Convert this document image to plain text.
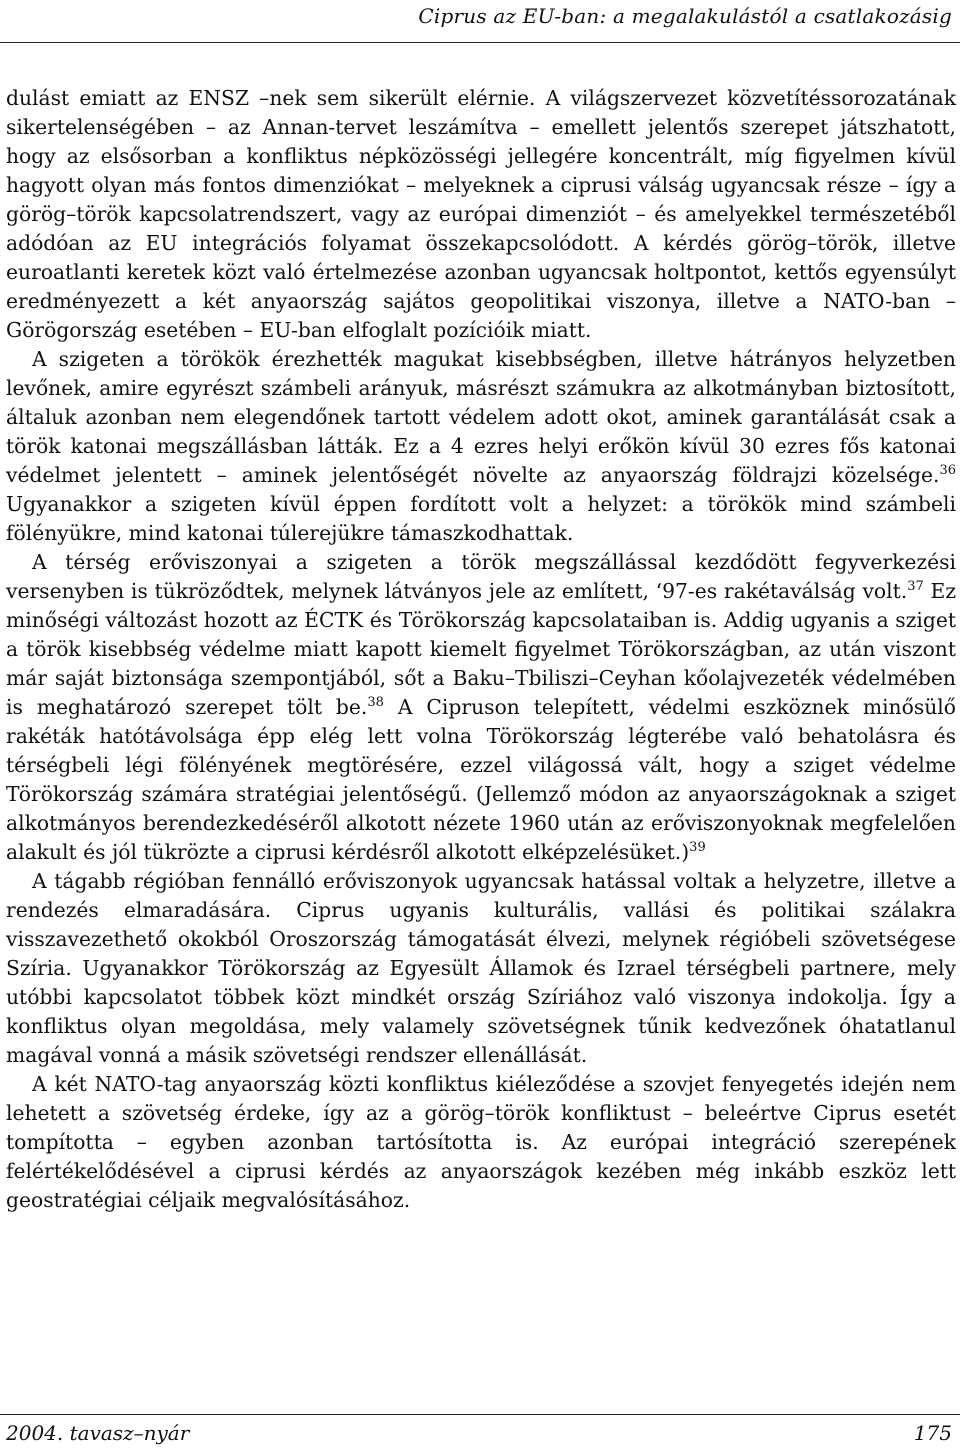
Ciprus az EU-ban: a megalakulástól a csatlakozásig

dulást emiatt az ENSZ –nek sem sikerült elérnie. A világszervezet közvetítéssorozatának sikertelenségében – az Annan-tervet leszámítva – emellett jelentős szerepet játszhatott, hogy az elsősorban a konfliktus népközösségi jellegére koncentrált, míg figyelmen kívül hagyott olyan más fontos dimenziókat – melyeknek a ciprusi válság ugyancsak része – így a görög–török kapcsolatrendszert, vagy az európai dimenziót – és amelyekkel természetéből adódóan az EU integrációs folyamat összekapcsolódott. A kérdés görög–török, illetve euroatlanti keretek közt való értelmezése azonban ugyancsak holtpontot, kettős egyensúlyt eredményezett a két anyaország sajátos geopolitikai viszonya, illetve a NATO-ban – Görögország esetében – EU-ban elfoglalt pozícióik miatt.

A szigeten a törökök érezhették magukat kisebbségben, illetve hátrányos helyzetben levőnek, amire egyrészt számbeli arányuk, másrészt számukra az alkotmányban biztosított, általuk azonban nem elegendőnek tartott védelem adott okot, aminek garantálását csak a török katonai megszállásban látták. Ez a 4 ezres helyi erőkön kívül 30 ezres fős katonai védelmet jelentett – aminek jelentőségét növelte az anyaország földrajzi közelsége.$^{36}$ Ugyanakkor a szigeten kívül éppen fordított volt a helyzet: a törökök mind számbeli fölényükre, mind katonai túlerejükre támaszkodhattak.

A térség erőviszonyai a szigeten a török megszállással kezdődött fegyverkezési versenyben is tükröződtek, melynek látványos jele az említett, ‘97-es rakétaválság volt.$^{37}$ Ez minőségi változást hozott az ÉCTK és Törökország kapcsolataiban is. Addig ugyanis a sziget a török kisebbség védelme miatt kapott kiemelt figyelmet Törökországban, az után viszont már saját biztonsága szempontjából, sőt a Baku–Tbiliszi–Ceyhan kőolajvezeték védelmében is meghatározó szerepet tölt be.$^{38}$ A Cipruson telepített, védelmi eszköznek minősülő rakéták hatótávolsága épp elég lett volna Törökország légterébe való behatolásra és térségbeli légi fölényének megtörésére, ezzel világossá vált, hogy a sziget védelme Törökország számára stratégiai jelentőségű. (Jellemző módon az anyaországoknak a sziget alkotmányos berendezkedéséről alkotott nézete 1960 után az erőviszonyoknak megfelelően alakult és jól tükrözte a ciprusi kérdésről alkotott elképzelésüket.)$^{39}$

A tágabb régióban fennálló erőviszonyok ugyancsak hatással voltak a helyzetre, illetve a rendezés elmaradására. Ciprus ugyanis kulturális, vallási és politikai szálakra visszavezethető okokból Oroszország támogatását élvezi, melynek régióbeli szövetségese Szíria. Ugyanakkor Törökország az Egyesült Államok és Izrael térségbeli partnere, mely utóbbi kapcsolatot többek közt mindkét ország Szíriához való viszonya indokolja. Így a konfliktus olyan megoldása, mely valamely szövetségnek tűnik kedvezőnek óhatatlanul magával vonná a másik szövetségi rendszer ellenállását.

A két NATO-tag anyaország közti konfliktus kiéleződése a szovjet fenyegetés idején nem lehetett a szövetség érdeke, így az a görög–török konfliktust – beleértve Ciprus esetét tompította – egyben azonban tartósította is. Az európai integráció szerepének felértékelődésével a ciprusi kérdés az anyaországok kezében még inkább eszköz lett geostratégiai céljaik megvalósításához.

2004. tavasz–nyár	175
